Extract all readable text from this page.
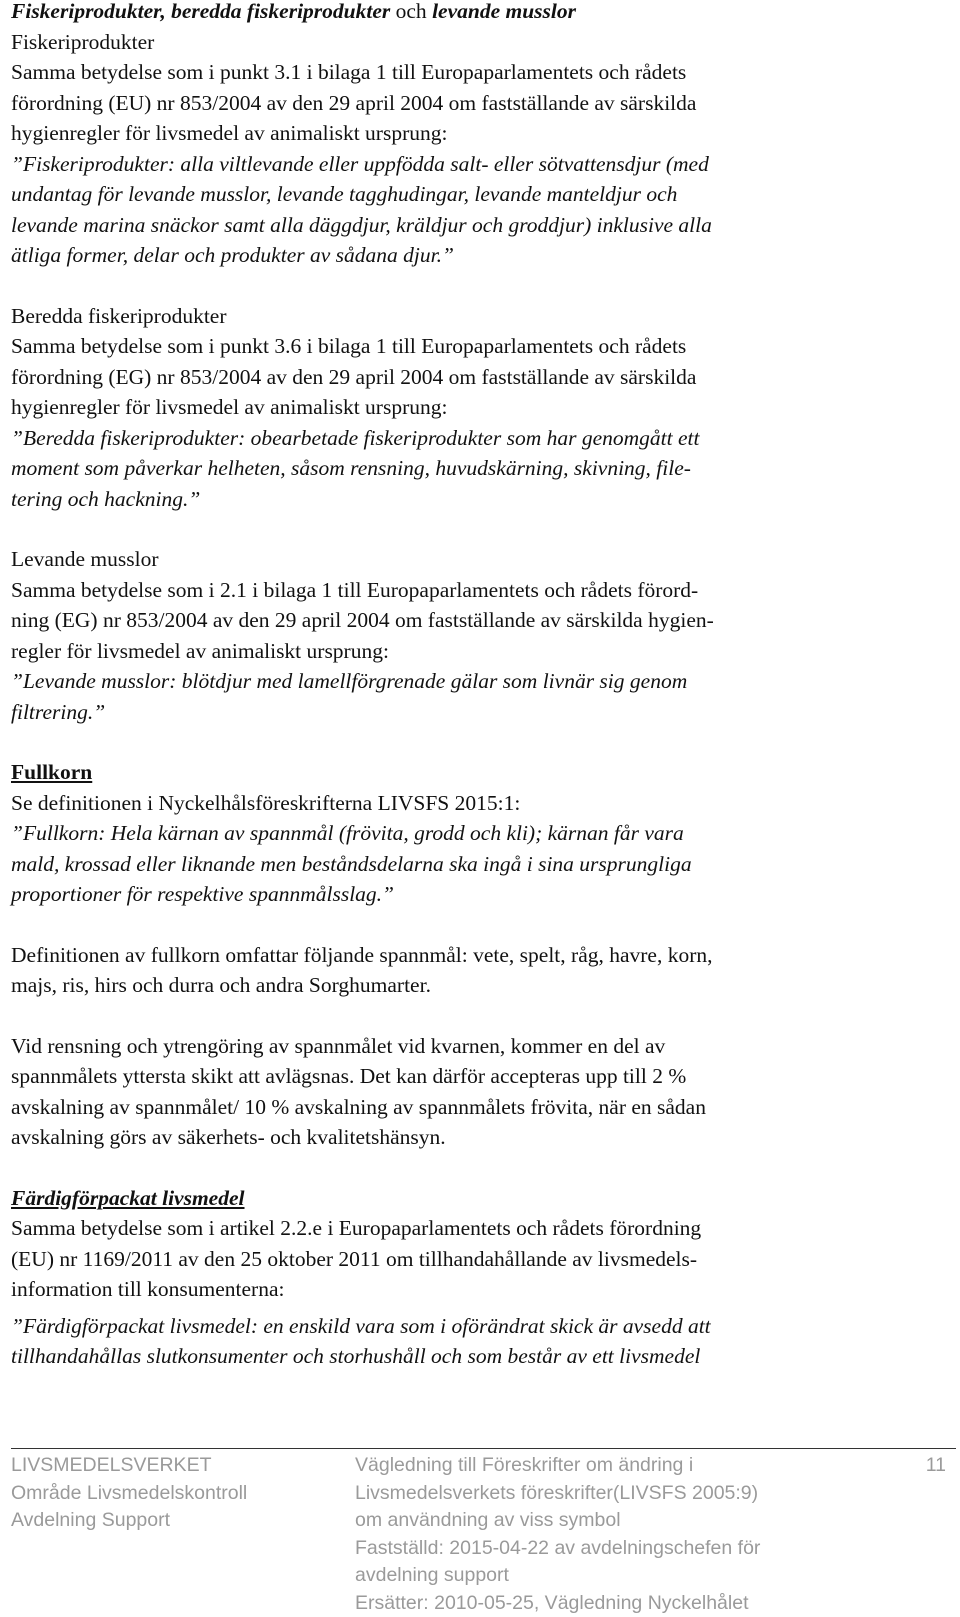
Fiskeriprodukter, beredda fiskeriprodukter och levande musslor

Fiskeriprodukter

Samma betydelse som i punkt 3.1 i bilaga 1 till Europaparlamentets och rådets
förordning (EU) nr 853/2004 av den 29 april 2004 om fastställande av särskilda
hygienregler för livsmedel av animaliskt ursprung:

”Fiskeriprodukter: alla viltlevande eller uppfödda salt- eller sötvattensdjur (med
undantag för levande musslor, levande tagghudingar, levande manteldjur och
levande marina snäckor samt alla däggdjur, kräldjur och groddjur) inklusive alla
ätliga former, delar och produkter av sådana djur.”

Beredda fiskeriprodukter

Samma betydelse som i punkt 3.6 i bilaga 1 till Europaparlamentets och rådets
förordning (EG) nr 853/2004 av den 29 april 2004 om fastställande av särskilda
hygienregler för livsmedel av animaliskt ursprung:

”Beredda fiskeriprodukter: obearbetade fiskeriprodukter som har genomgått ett
moment som påverkar helheten, såsom rensning, huvudskärning, skivning, file-
tering och hackning.”

Levande musslor

Samma betydelse som i 2.1 i bilaga 1 till Europaparlamentets och rådets förord-
ning (EG) nr 853/2004 av den 29 april 2004 om fastställande av särskilda hygien-
regler för livsmedel av animaliskt ursprung:

”Levande musslor: blötdjur med lamellförgrenade gälar som livnär sig genom
filtrering.”

Fullkorn

Se definitionen i Nyckelhålsföreskrifterna LIVSFS 2015:1:

”Fullkorn: Hela kärnan av spannmål (frövita, grodd och kli); kärnan får vara
mald, krossad eller liknande men beståndsdelarna ska ingå i sina ursprungliga
proportioner för respektive spannmålsslag.”

Definitionen av fullkorn omfattar följande spannmål: vete, spelt, råg, havre, korn,
majs, ris, hirs och durra och andra Sorghumarter.

Vid rensning och ytrengöring av spannmålet vid kvarnen, kommer en del av
spannmålets yttersta skikt att avlägsnas. Det kan därför accepteras upp till 2 %
avskalning av spannmålet/ 10 % avskalning av spannmålets frövita, när en sådan
avskalning görs av säkerhets- och kvalitetshänsyn.

Färdigförpackat livsmedel

Samma betydelse som i artikel 2.2.e i Europaparlamentets och rådets förordning
(EU) nr 1169/2011 av den 25 oktober 2011 om tillhandahållande av livsmedels-
information till konsumenterna:

”Färdigförpackat livsmedel: en enskild vara som i oförändrat skick är avsedd att
tillhandahållas slutkonsumenter och storhushåll och som består av ett livsmedel

LIVSMEDELSVERKET
Område Livsmedelskontroll
Avdelning Support
Vägledning till Föreskrifter om ändring i
Livsmedelsverkets föreskrifter(LIVSFS 2005:9)
om användning av viss symbol
Fastställd: 2015-04-22 av avdelningschefen för
avdelning support
Ersätter: 2010-05-25, Vägledning Nyckelhålet
11
